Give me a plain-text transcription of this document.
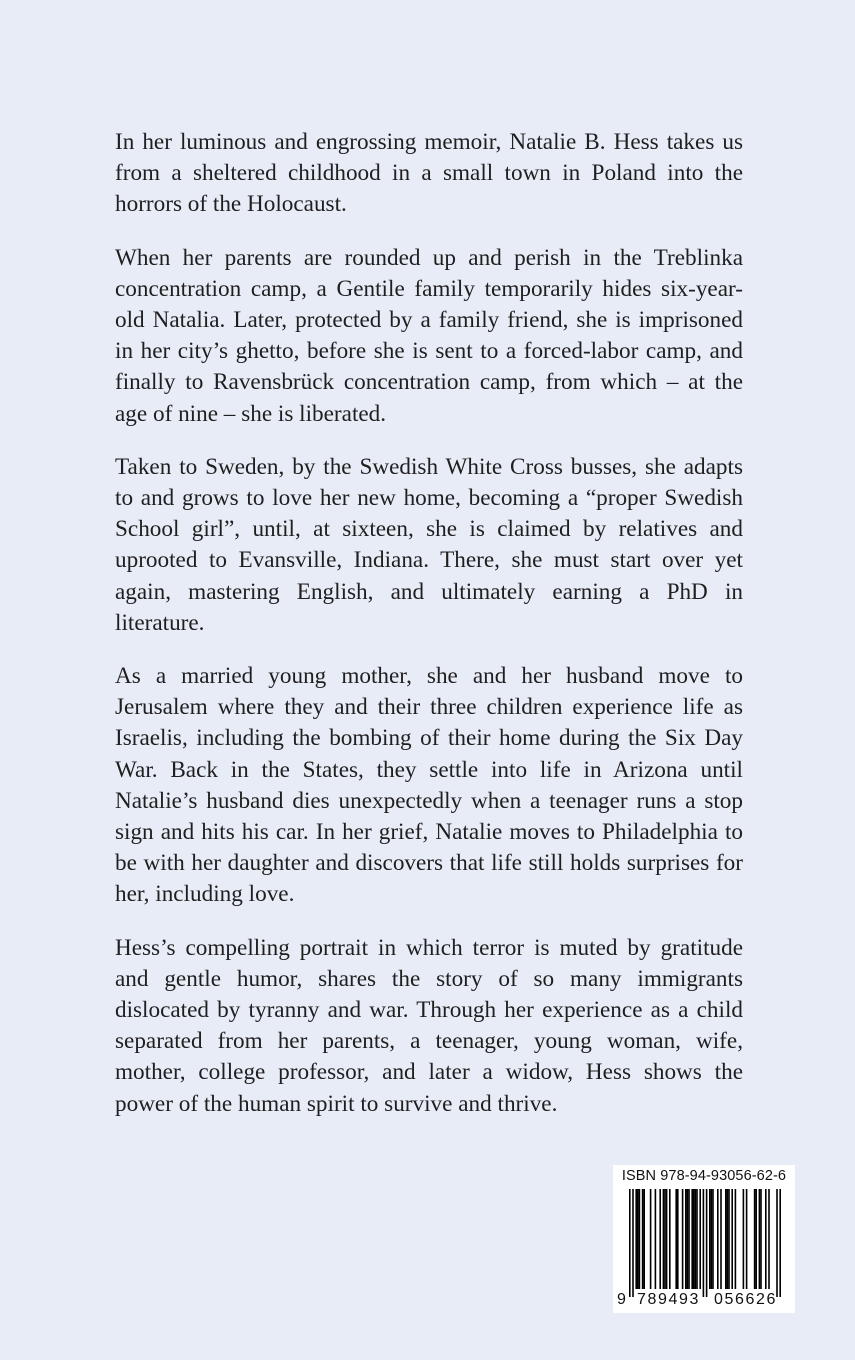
In her luminous and engrossing memoir, Natalie B. Hess takes us from a sheltered childhood in a small town in Poland into the horrors of the Holocaust.

When her parents are rounded up and perish in the Treblinka concentration camp, a Gentile family temporarily hides six-year-old Natalia. Later, protected by a family friend, she is imprisoned in her city’s ghetto, before she is sent to a forced-labor camp, and finally to Ravensbrück concentration camp, from which – at the age of nine – she is liberated.

Taken to Sweden, by the Swedish White Cross busses, she adapts to and grows to love her new home, becoming a “proper Swedish School girl”, until, at sixteen, she is claimed by relatives and uprooted to Evansville, Indiana. There, she must start over yet again, mastering English, and ultimately earning a PhD in literature.

As a married young mother, she and her husband move to Jerusalem where they and their three children experience life as Israelis, including the bombing of their home during the Six Day War. Back in the States, they settle into life in Arizona until Natalie’s husband dies unexpectedly when a teenager runs a stop sign and hits his car. In her grief, Natalie moves to Philadelphia to be with her daughter and discovers that life still holds surprises for her, including love.

Hess’s compelling portrait in which terror is muted by gratitude and gentle humor, shares the story of so many immigrants dislocated by tyranny and war. Through her experience as a child separated from her parents, a teenager, young woman, wife, mother, college professor, and later a widow, Hess shows the power of the human spirit to survive and thrive.

ISBN 978-94-93056-62-6
9 789493 056626
